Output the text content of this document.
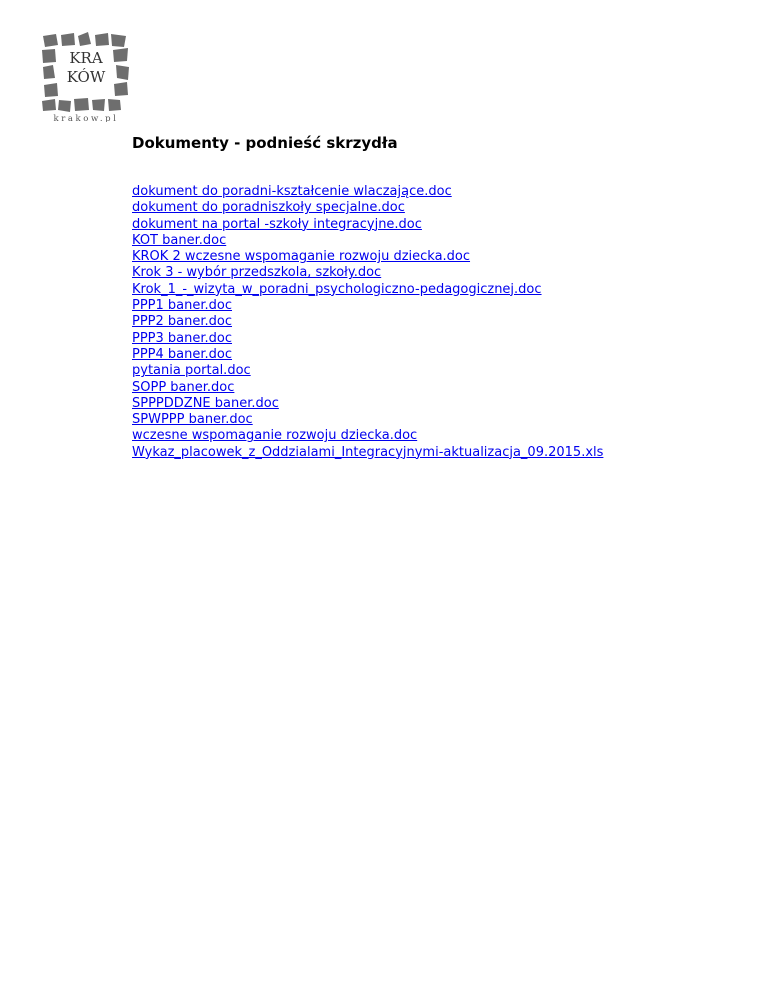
KRA
KÓW
krakow.pl
Dokumenty - podnieść skrzydła
dokument do poradni-kształcenie wlaczające.doc
dokument do poradniszkoły specjalne.doc
dokument na portal -szkoły integracyjne.doc
KOT baner.doc
KROK 2 wczesne wspomaganie rozwoju dziecka.doc
Krok 3 - wybór przedszkola, szkoły.doc
Krok_1_-_wizyta_w_poradni_psychologiczno-pedagogicznej.doc
PPP1 baner.doc
PPP2 baner.doc
PPP3 baner.doc
PPP4 baner.doc
pytania portal.doc
SOPP baner.doc
SPPPDDZNE baner.doc
SPWPPP baner.doc
wczesne wspomaganie rozwoju dziecka.doc
Wykaz_placowek_z_Oddzialami_Integracyjnymi-aktualizacja_09.2015.xls
